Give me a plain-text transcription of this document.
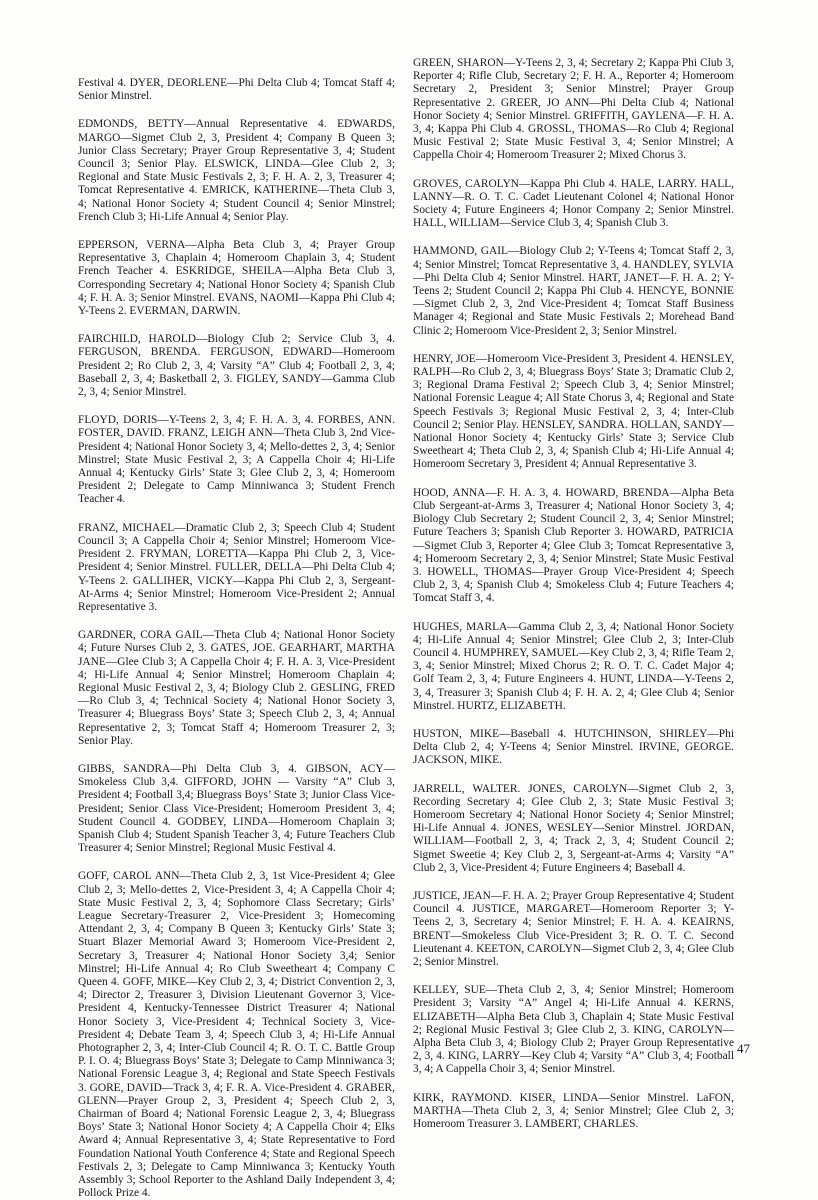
Festival 4. DYER, DEORLENE—Phi Delta Club 4; Tomcat Staff 4; Senior Minstrel.

EDMONDS, BETTY—Annual Representative 4. EDWARDS, MARGO—Sigmet Club 2, 3, President 4; Company B Queen 3; Junior Class Secretary; Prayer Group Representative 3, 4; Student Council 3; Senior Play. ELSWICK, LINDA—Glee Club 2, 3; Regional and State Music Festivals 2, 3; F. H. A. 2, 3, Treasurer 4; Tomcat Representative 4. EMRICK, KATHERINE—Theta Club 3, 4; National Honor Society 4; Student Council 4; Senior Minstrel; French Club 3; Hi-Life Annual 4; Senior Play.

EPPERSON, VERNA—Alpha Beta Club 3, 4; Prayer Group Representative 3, Chaplain 4; Homeroom Chaplain 3, 4; Student French Teacher 4. ESKRIDGE, SHEILA—Alpha Beta Club 3, Corresponding Secretary 4; National Honor Society 4; Spanish Club 4; F. H. A. 3; Senior Minstrel. EVANS, NAOMI—Kappa Phi Club 4; Y-Teens 2. EVERMAN, DARWIN.

FAIRCHILD, HAROLD—Biology Club 2; Service Club 3, 4. FERGUSON, BRENDA. FERGUSON, EDWARD—Homeroom President 2; Ro Club 2, 3, 4; Varsity “A” Club 4; Football 2, 3, 4; Baseball 2, 3, 4; Basketball 2, 3. FIGLEY, SANDY—Gamma Club 2, 3, 4; Senior Minstrel.

FLOYD, DORIS—Y-Teens 2, 3, 4; F. H. A. 3, 4. FORBES, ANN. FOSTER, DAVID. FRANZ, LEIGH ANN—Theta Club 3, 2nd Vice-President 4; National Honor Society 3, 4; Mello-dettes 2, 3, 4; Senior Minstrel; State Music Festival 2, 3; A Cappella Choir 4; Hi-Life Annual 4; Kentucky Girls’ State 3; Glee Club 2, 3, 4; Homeroom President 2; Delegate to Camp Minniwanca 3; Student French Teacher 4.

FRANZ, MICHAEL—Dramatic Club 2, 3; Speech Club 4; Student Council 3; A Cappella Choir 4; Senior Minstrel; Homeroom Vice-President 2. FRYMAN, LORETTA—Kappa Phi Club 2, 3, Vice-President 4; Senior Minstrel. FULLER, DELLA—Phi Delta Club 4; Y-Teens 2. GALLIHER, VICKY—Kappa Phi Club 2, 3, Sergeant-At-Arms 4; Senior Minstrel; Homeroom Vice-President 2; Annual Representative 3.

GARDNER, CORA GAIL—Theta Club 4; National Honor Society 4; Future Nurses Club 2, 3. GATES, JOE. GEARHART, MARTHA JANE—Glee Club 3; A Cappella Choir 4; F. H. A. 3, Vice-President 4; Hi-Life Annual 4; Senior Minstrel; Homeroom Chaplain 4; Regional Music Festival 2, 3, 4; Biology Club 2. GESLING, FRED—Ro Club 3, 4; Technical Society 4; National Honor Society 3, Treasurer 4; Bluegrass Boys’ State 3; Speech Club 2, 3, 4; Annual Representative 2, 3; Tomcat Staff 4; Homeroom Treasurer 2, 3; Senior Play.

GIBBS, SANDRA—Phi Delta Club 3, 4. GIBSON, ACY—Smokeless Club 3,4. GIFFORD, JOHN — Varsity “A” Club 3, President 4; Football 3,4; Bluegrass Boys’ State 3; Junior Class Vice-President; Senior Class Vice-President; Homeroom President 3, 4; Student Council 4. GODBEY, LINDA—Homeroom Chaplain 3; Spanish Club 4; Student Spanish Teacher 3, 4; Future Teachers Club Treasurer 4; Senior Minstrel; Regional Music Festival 4.

GOFF, CAROL ANN—Theta Club 2, 3, 1st Vice-President 4; Glee Club 2, 3; Mello-dettes 2, Vice-President 3, 4; A Cappella Choir 4; State Music Festival 2, 3, 4; Sophomore Class Secretary; Girls’ League Secretary-Treasurer 2, Vice-President 3; Homecoming Attendant 2, 3, 4; Company B Queen 3; Kentucky Girls’ State 3; Stuart Blazer Memorial Award 3; Homeroom Vice-President 2, Secretary 3, Treasurer 4; National Honor Society 3,4; Senior Minstrel; Hi-Life Annual 4; Ro Club Sweetheart 4; Company C Queen 4. GOFF, MIKE—Key Club 2, 3, 4; District Convention 2, 3, 4; Director 2, Treasurer 3, Division Lieutenant Governor 3, Vice-President 4, Kentucky-Tennessee District Treasurer 4; National Honor Society 3, Vice-President 4; Technical Society 3, Vice-President 4; Debate Team 3, 4; Speech Club 3, 4; Hi-Life Annual Photographer 2, 3, 4; Inter-Club Council 4; R. O. T. C. Battle Group P. I. O. 4; Bluegrass Boys’ State 3; Delegate to Camp Minniwanca 3; National Forensic League 3, 4; Regional and State Speech Festivals 3. GORE, DAVID—Track 3, 4; F. R. A. Vice-President 4. GRABER, GLENN—Prayer Group 2, 3, President 4; Speech Club 2, 3, Chairman of Board 4; National Forensic League 2, 3, 4; Bluegrass Boys’ State 3; National Honor Society 4; A Cappella Choir 4; Elks Award 4; Annual Representative 3, 4; State Representative to Ford Foundation National Youth Conference 4; State and Regional Speech Festivals 2, 3; Delegate to Camp Minniwanca 3; Kentucky Youth Assembly 3; School Reporter to the Ashland Daily Independent 3, 4; Pollock Prize 4.

GREEN, SHARON—Y-Teens 2, 3, 4; Secretary 2; Kappa Phi Club 3, Reporter 4; Rifle Club, Secretary 2; F. H. A., Reporter 4; Homeroom Secretary 2, President 3; Senior Minstrel; Prayer Group Representative 2. GREER, JO ANN—Phi Delta Club 4; National Honor Society 4; Senior Minstrel. GRIFFITH, GAYLENA—F. H. A. 3, 4; Kappa Phi Club 4. GROSSL, THOMAS—Ro Club 4; Regional Music Festival 2; State Music Festival 3, 4; Senior Minstrel; A Cappella Choir 4; Homeroom Treasurer 2; Mixed Chorus 3.

GROVES, CAROLYN—Kappa Phi Club 4. HALE, LARRY. HALL, LANNY—R. O. T. C. Cadet Lieutenant Colonel 4; National Honor Society 4; Future Engineers 4; Honor Company 2; Senior Minstrel. HALL, WILLIAM—Service Club 3, 4; Spanish Club 3.

HAMMOND, GAIL—Biology Club 2; Y-Teens 4; Tomcat Staff 2, 3, 4; Senior Minstrel; Tomcat Representative 3, 4. HANDLEY, SYLVIA—Phi Delta Club 4; Senior Minstrel. HART, JANET—F. H. A. 2; Y-Teens 2; Student Council 2; Kappa Phi Club 4. HENCYE, BONNIE—Sigmet Club 2, 3, 2nd Vice-President 4; Tomcat Staff Business Manager 4; Regional and State Music Festivals 2; Morehead Band Clinic 2; Homeroom Vice-President 2, 3; Senior Minstrel.

HENRY, JOE—Homeroom Vice-President 3, President 4. HENSLEY, RALPH—Ro Club 2, 3, 4; Bluegrass Boys’ State 3; Dramatic Club 2, 3; Regional Drama Festival 2; Speech Club 3, 4; Senior Minstrel; National Forensic League 4; All State Chorus 3, 4; Regional and State Speech Festivals 3; Regional Music Festival 2, 3, 4; Inter-Club Council 2; Senior Play. HENSLEY, SANDRA. HOLLAN, SANDY—National Honor Society 4; Kentucky Girls’ State 3; Service Club Sweetheart 4; Theta Club 2, 3, 4; Spanish Club 4; Hi-Life Annual 4; Homeroom Secretary 3, President 4; Annual Representative 3.

HOOD, ANNA—F. H. A. 3, 4. HOWARD, BRENDA—Alpha Beta Club Sergeant-at-Arms 3, Treasurer 4; National Honor Society 3, 4; Biology Club Secretary 2; Student Council 2, 3, 4; Senior Minstrel; Future Teachers 3; Spanish Club Reporter 3. HOWARD, PATRICIA —Sigmet Club 3, Reporter 4; Glee Club 3; Tomcat Representative 3, 4; Homeroom Secretary 2, 3, 4; Senior Minstrel; State Music Festival 3. HOWELL, THOMAS—Prayer Group Vice-President 4; Speech Club 2, 3, 4; Spanish Club 4; Smokeless Club 4; Future Teachers 4; Tomcat Staff 3, 4.

HUGHES, MARLA—Gamma Club 2, 3, 4; National Honor Society 4; Hi-Life Annual 4; Senior Minstrel; Glee Club 2, 3; Inter-Club Council 4. HUMPHREY, SAMUEL—Key Club 2, 3, 4; Rifle Team 2, 3, 4; Senior Minstrel; Mixed Chorus 2; R. O. T. C. Cadet Major 4; Golf Team 2, 3, 4; Future Engineers 4. HUNT, LINDA—Y-Teens 2, 3, 4, Treasurer 3; Spanish Club 4; F. H. A. 2, 4; Glee Club 4; Senior Minstrel. HURTZ, ELIZABETH.

HUSTON, MIKE—Baseball 4. HUTCHINSON, SHIRLEY—Phi Delta Club 2, 4; Y-Teens 4; Senior Minstrel. IRVINE, GEORGE. JACKSON, MIKE.

JARRELL, WALTER. JONES, CAROLYN—Sigmet Club 2, 3, Recording Secretary 4; Glee Club 2, 3; State Music Festival 3; Homeroom Secretary 4; National Honor Society 4; Senior Minstrel; Hi-Life Annual 4. JONES, WESLEY—Senior Minstrel. JORDAN, WILLIAM—Football 2, 3, 4; Track 2, 3, 4; Student Council 2; Sigmet Sweetie 4; Key Club 2, 3, Sergeant-at-Arms 4; Varsity “A” Club 2, 3, Vice-President 4; Future Engineers 4; Baseball 4.

JUSTICE, JEAN—F. H. A. 2; Prayer Group Representative 4; Student Council 4. JUSTICE, MARGARET—Homeroom Reporter 3; Y-Teens 2, 3, Secretary 4; Senior Minstrel; F. H. A. 4. KEAIRNS, BRENT—Smokeless Club Vice-President 3; R. O. T. C. Second Lieutenant 4. KEETON, CAROLYN—Sigmet Club 2, 3, 4; Glee Club 2; Senior Minstrel.

KELLEY, SUE—Theta Club 2, 3, 4; Senior Minstrel; Homeroom President 3; Varsity “A” Angel 4; Hi-Life Annual 4. KERNS, ELIZABETH—Alpha Beta Club 3, Chaplain 4; State Music Festival 2; Regional Music Festival 3; Glee Club 2, 3. KING, CAROLYN—Alpha Beta Club 3, 4; Biology Club 2; Prayer Group Representative 2, 3, 4. KING, LARRY—Key Club 4; Varsity “A” Club 3, 4; Football 3, 4; A Cappella Choir 3, 4; Senior Minstrel.

KIRK, RAYMOND. KISER, LINDA—Senior Minstrel. LaFON, MARTHA—Theta Club 2, 3, 4; Senior Minstrel; Glee Club 2, 3; Homeroom Treasurer 3. LAMBERT, CHARLES.

47
